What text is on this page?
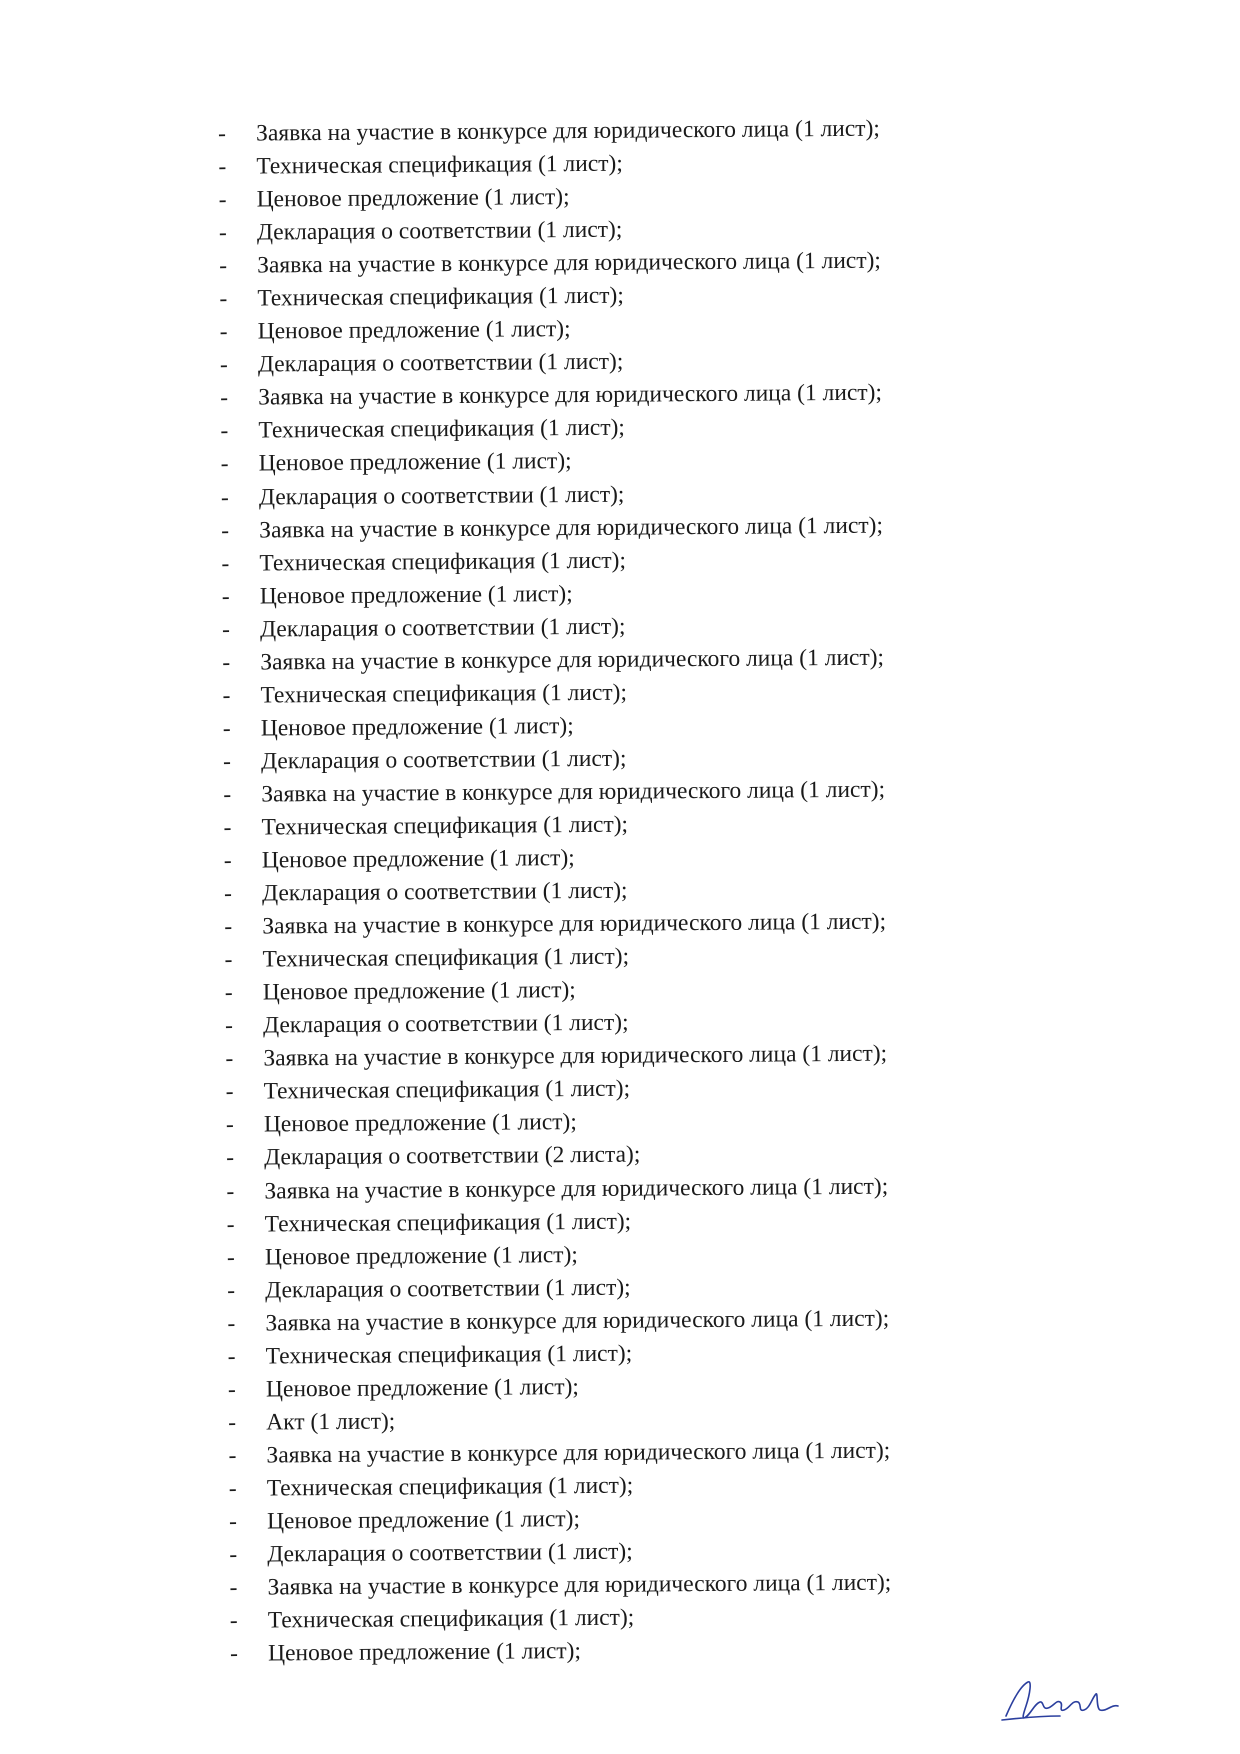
- Заявка на участие в конкурсе для юридического лица (1 лист);
- Техническая спецификация (1 лист);
- Ценовое предложение (1 лист);
- Декларация о соответствии (1 лист);
- Заявка на участие в конкурсе для юридического лица (1 лист);
- Техническая спецификация (1 лист);
- Ценовое предложение (1 лист);
- Декларация о соответствии (1 лист);
- Заявка на участие в конкурсе для юридического лица (1 лист);
- Техническая спецификация (1 лист);
- Ценовое предложение (1 лист);
- Декларация о соответствии (1 лист);
- Заявка на участие в конкурсе для юридического лица (1 лист);
- Техническая спецификация (1 лист);
- Ценовое предложение (1 лист);
- Декларация о соответствии (1 лист);
- Заявка на участие в конкурсе для юридического лица (1 лист);
- Техническая спецификация (1 лист);
- Ценовое предложение (1 лист);
- Декларация о соответствии (1 лист);
- Заявка на участие в конкурсе для юридического лица (1 лист);
- Техническая спецификация (1 лист);
- Ценовое предложение (1 лист);
- Декларация о соответствии (1 лист);
- Заявка на участие в конкурсе для юридического лица (1 лист);
- Техническая спецификация (1 лист);
- Ценовое предложение (1 лист);
- Декларация о соответствии (1 лист);
- Заявка на участие в конкурсе для юридического лица (1 лист);
- Техническая спецификация (1 лист);
- Ценовое предложение (1 лист);
- Декларация о соответствии (2 листа);
- Заявка на участие в конкурсе для юридического лица (1 лист);
- Техническая спецификация (1 лист);
- Ценовое предложение (1 лист);
- Декларация о соответствии (1 лист);
- Заявка на участие в конкурсе для юридического лица (1 лист);
- Техническая спецификация (1 лист);
- Ценовое предложение (1 лист);
- Акт (1 лист);
- Заявка на участие в конкурсе для юридического лица (1 лист);
- Техническая спецификация (1 лист);
- Ценовое предложение (1 лист);
- Декларация о соответствии (1 лист);
- Заявка на участие в конкурсе для юридического лица (1 лист);
- Техническая спецификация (1 лист);
- Ценовое предложение (1 лист);
